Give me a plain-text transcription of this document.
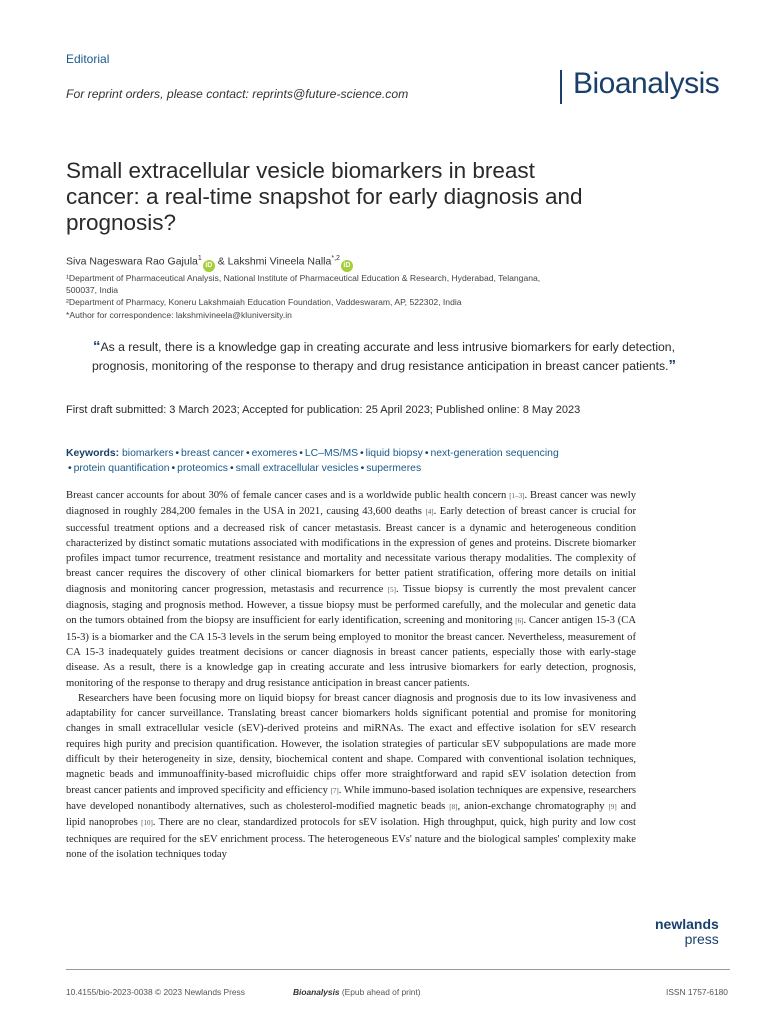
Editorial
For reprint orders, please contact: reprints@future-science.com	Bioanalysis
Small extracellular vesicle biomarkers in breast cancer: a real-time snapshot for early diagnosis and prognosis?
Siva Nageswara Rao Gajula$^1$iD & Lakshmi Vineela Nalla$^{*,2}$iD
¹Department of Pharmaceutical Analysis, National Institute of Pharmaceutical Education & Research, Hyderabad, Telangana, 500037, India
²Department of Pharmacy, Koneru Lakshmaiah Education Foundation, Vaddeswaram, AP, 522302, India
*Author for correspondence: lakshmivineela@kluniversity.in
“As a result, there is a knowledge gap in creating accurate and less intrusive biomarkers for early detection, prognosis, monitoring of the response to therapy and drug resistance anticipation in breast cancer patients.”
First draft submitted: 3 March 2023; Accepted for publication: 25 April 2023; Published online: 8 May 2023
Keywords: biomarkers • breast cancer • exomeres • LC–MS/MS • liquid biopsy • next-generation sequencing
• protein quantification • proteomics • small extracellular vesicles • supermeres

Breast cancer accounts for about 30% of female cancer cases and is a worldwide public health concern [1–3]. Breast cancer was newly diagnosed in roughly 284,200 females in the USA in 2021, causing 43,600 deaths [4]. Early detection of breast cancer is crucial for successful treatment options and a decreased risk of cancer metastasis. Breast cancer is a dynamic and heterogeneous condition characterized by distinct somatic mutations associated with modifications in the expression of genes and proteins. Discrete biomarker profiles impact tumor recurrence, treatment resistance and mortality and necessitate various therapy modalities. The complexity of breast cancer requires the discovery of other clinical biomarkers for better patient stratification, offering more details on initial diagnosis and monitoring cancer progression, metastasis and recurrence [5]. Tissue biopsy is currently the most prevalent cancer diagnosis, staging and prognosis method. However, a tissue biopsy must be performed carefully, and the molecular and genetic data on the tumors obtained from the biopsy are insufficient for early identification, screening and monitoring [6]. Cancer antigen 15-3 (CA 15-3) is a biomarker and the CA 15-3 levels in the serum being employed to monitor the breast cancer. Nevertheless, measurement of CA 15-3 inadequately guides treatment decisions or cancer diagnosis in breast cancer patients, especially those with early-stage disease. As a result, there is a knowledge gap in creating accurate and less intrusive biomarkers for early detection, prognosis, monitoring of the response to therapy and drug resistance anticipation in breast cancer patients.

Researchers have been focusing more on liquid biopsy for breast cancer diagnosis and prognosis due to its low invasiveness and adaptability for cancer surveillance. Translating breast cancer biomarkers holds significant potential and promise for monitoring changes in small extracellular vesicle (sEV)-derived proteins and miRNAs. The exact and effective isolation for sEV research requires high purity and precision quantification. However, the isolation strategies of particular sEV subpopulations are made more difficult by their heterogeneity in size, density, biochemical content and shape. Compared with conventional isolation techniques, magnetic beads and immunoaffinity-based microfluidic chips offer more straightforward and rapid sEV isolation detection from breast cancer patients and improved specificity and efficiency [7]. While immuno-based isolation techniques are expensive, researchers have developed nonantibody alternatives, such as cholesterol-modified magnetic beads [8], anion-exchange chromatography [9] and lipid nanoprobes [10]. There are no clear, standardized protocols for sEV isolation. High throughput, quick, high purity and low cost techniques are required for the sEV enrichment process. The heterogeneous EVs' nature and the biological samples' complexity make none of the isolation techniques today

newlands
press
10.4155/bio-2023-0038 © 2023 Newlands Press	Bioanalysis (Epub ahead of print)	ISSN 1757-6180
